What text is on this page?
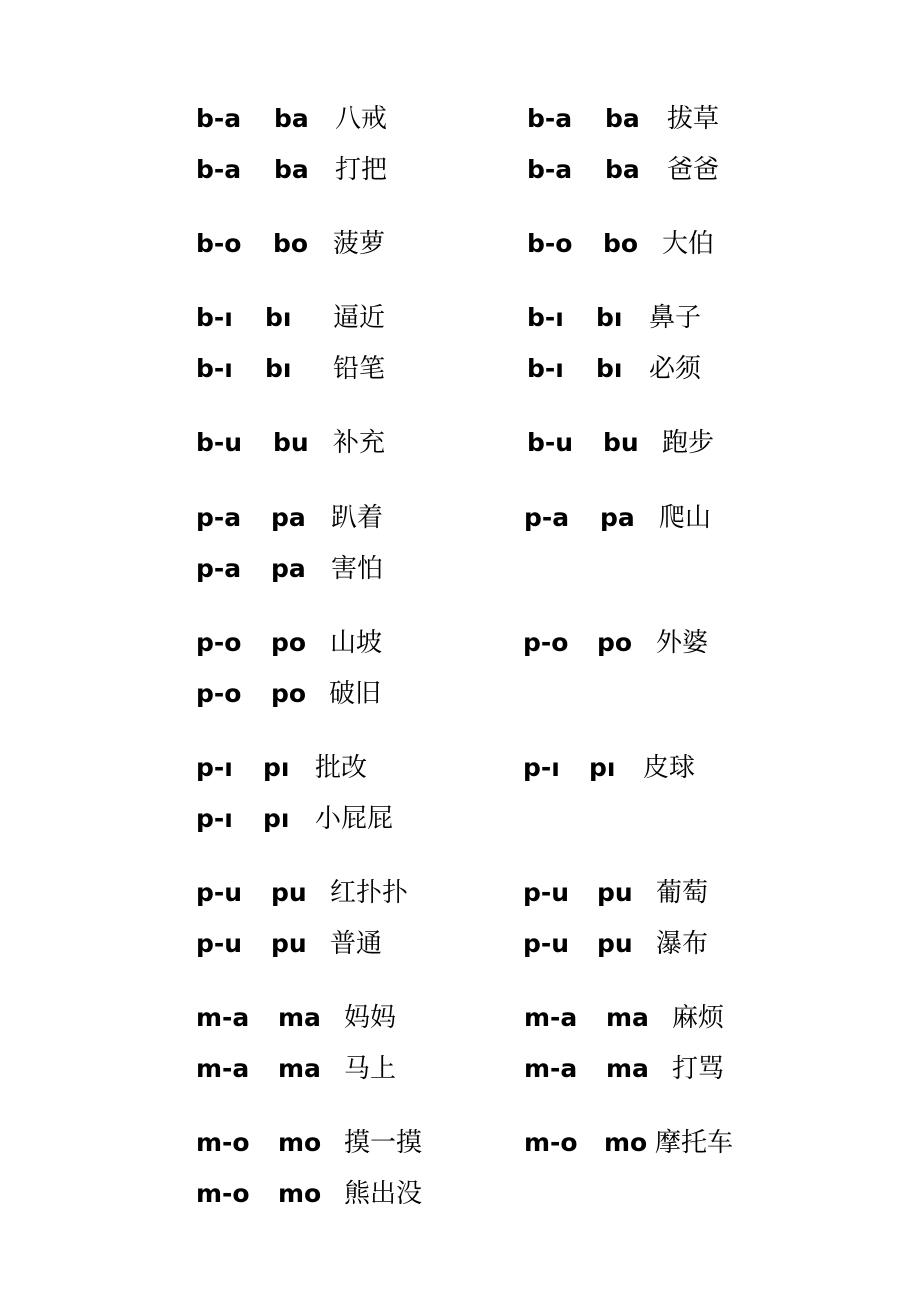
b-a ba 八戒	b-a ba 拔草
b-a ba 打把	b-a ba 爸爸
b-o bo 菠萝	b-o bo 大伯
b-ı bı 逼近	b-ı bı 鼻子
b-ı bı 铅笔	b-ı bı 必须
b-u bu 补充	b-u bu 跑步
p-a pa 趴着	p-a pa 爬山
p-a pa 害怕
p-o po 山坡	p-o po 外婆
p-o po 破旧
p-ı pı 批改	p-ı pı 皮球
p-ı pı 小屁屁
p-u pu 红扑扑	p-u pu 葡萄
p-u pu 普通	p-u pu 瀑布
m-a ma 妈妈	m-a ma 麻烦
m-a ma 马上	m-a ma 打骂
m-o mo 摸一摸	m-o mo 摩托车
m-o mo 熊出没
